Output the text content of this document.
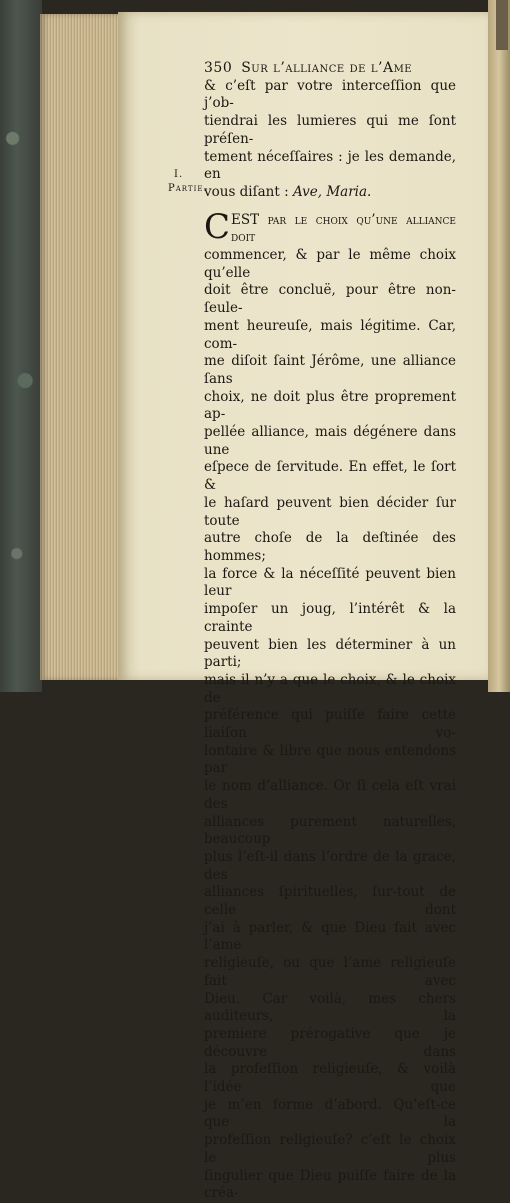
I.
Partie.
350 Sur l’alliance de l’Ame
& c’eſt par votre interceſſion que j’ob-
tiendrai les lumieres qui me ſont préſen-
tement néceſſaires : je les demande, en
vous diſant : Ave, Maria.
C EST par le choix qu’une alliance doit
commencer, & par le même choix qu’elle
doit être concluë, pour être non-ſeule-
ment heureuſe, mais légitime. Car, com-
me diſoit ſaint Jérôme, une alliance ſans
choix, ne doit plus être proprement ap-
pellée alliance, mais dégénere dans une
eſpece de ſervitude. En effet, le ſort &
le haſard peuvent bien décider ſur toute
autre choſe de la deſtinée des hommes;
la force & la néceſſité peuvent bien leur
impoſer un joug, l’intérêt & la crainte
peuvent bien les déterminer à un parti;
mais il n’y a que le choix, & le choix de
préférence qui puiſſe faire cette liaiſon vo-
lontaire & libre que nous entendons par
le nom d’alliance. Or ſi cela eſt vrai des
alliances purement naturelles, beaucoup
plus l’eſt-il dans l’ordre de la grace, des
alliances ſpirituelles, ſur-tout de celle dont
j’ai à parler, & que Dieu fait avec l’ame
religieuſe, ou que l’ame religieuſe fait avec
Dieu. Car voilà, mes chers auditeurs, la
premiere prérogative que je découvre dans
la profeſſion religieuſe, & voilà l’idée que
je m’en forme d’abord. Qu’eſt-ce que la
profeſſion religieuſe? c’eſt le choix le plus
ſingulier que Dieu puiſſe faire de la créa-
